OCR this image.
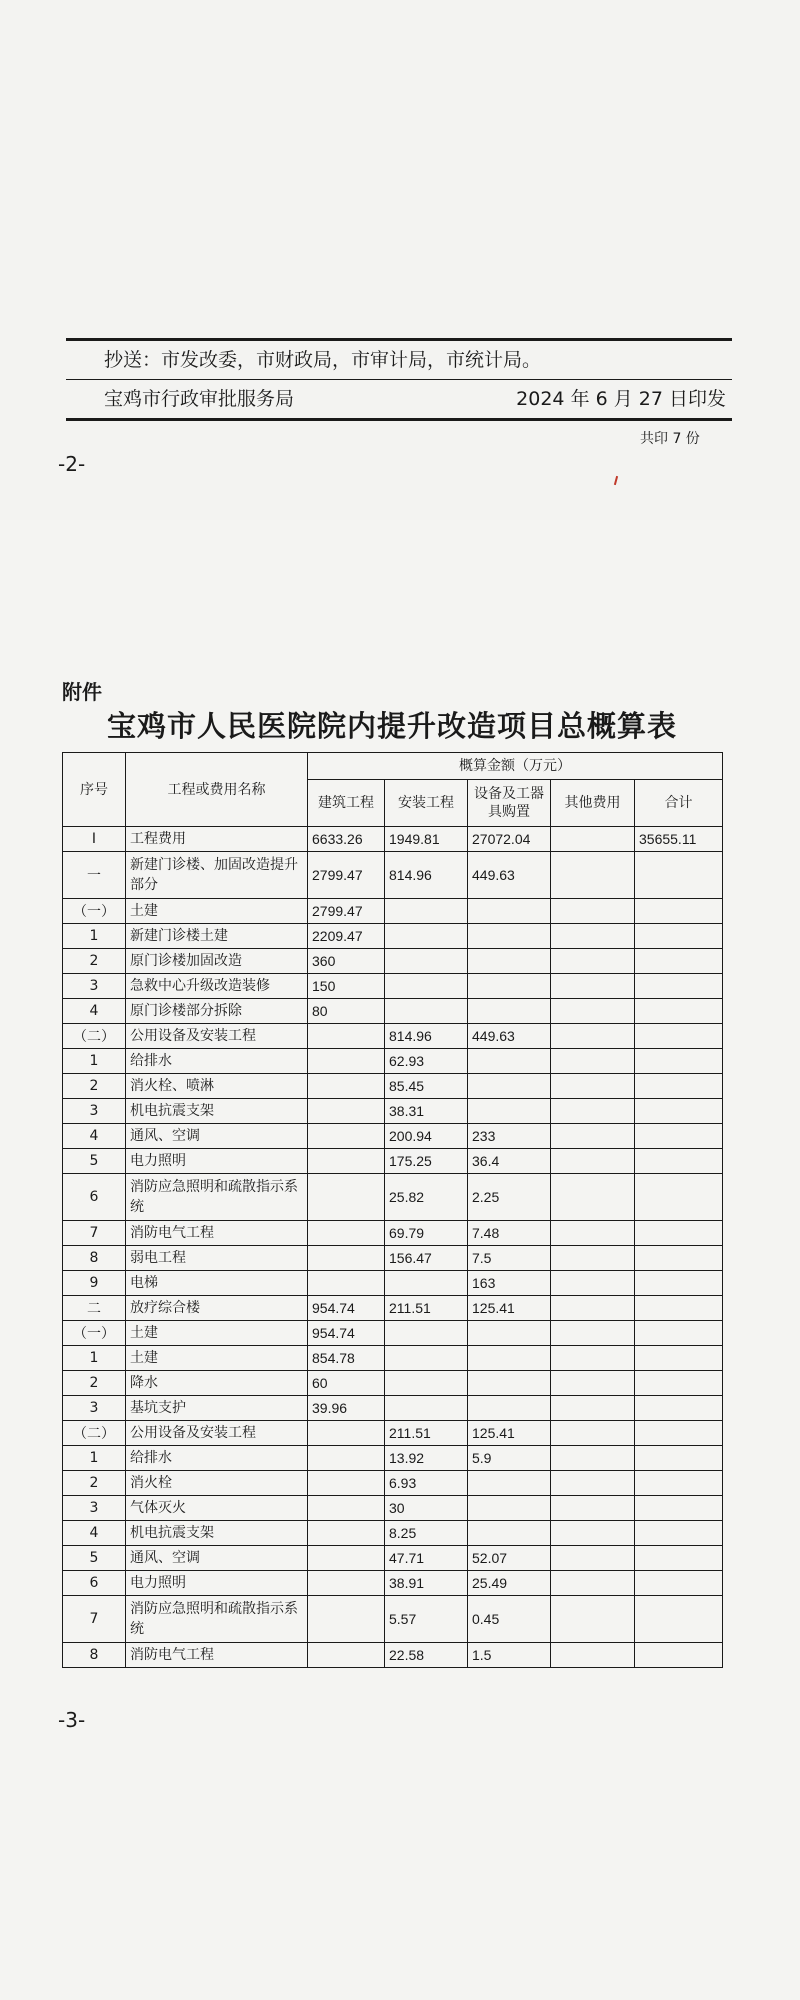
抄送：市发改委，市财政局，市审计局，市统计局。
宝鸡市行政审批服务局	2024 年 6 月 27 日印发
共印 7 份
-2-
附件
宝鸡市人民医院院内提升改造项目总概算表
序号	工程或费用名称	概算金额（万元）				
		建筑工程	安装工程	设备及工器具购置	其他费用	合计
I	工程费用	6633.26	1949.81	27072.04		35655.11
一	新建门诊楼、加固改造提升部分	2799.47	814.96	449.63		
（一）	土建	2799.47				
1	新建门诊楼土建	2209.47				
2	原门诊楼加固改造	360				
3	急救中心升级改造装修	150				
4	原门诊楼部分拆除	80				
（二）	公用设备及安装工程		814.96	449.63		
1	给排水		62.93			
2	消火栓、喷淋		85.45			
3	机电抗震支架		38.31			
4	通风、空调		200.94	233		
5	电力照明		175.25	36.4		
6	消防应急照明和疏散指示系统		25.82	2.25		
7	消防电气工程		69.79	7.48		
8	弱电工程		156.47	7.5		
9	电梯			163		
二	放疗综合楼	954.74	211.51	125.41		
（一）	土建	954.74				
1	土建	854.78				
2	降水	60				
3	基坑支护	39.96				
（二）	公用设备及安装工程		211.51	125.41		
1	给排水		13.92	5.9		
2	消火栓		6.93			
3	气体灭火		30			
4	机电抗震支架		8.25			
5	通风、空调		47.71	52.07		
6	电力照明		38.91	25.49		
7	消防应急照明和疏散指示系统		5.57	0.45		
8	消防电气工程		22.58	1.5		
-3-
